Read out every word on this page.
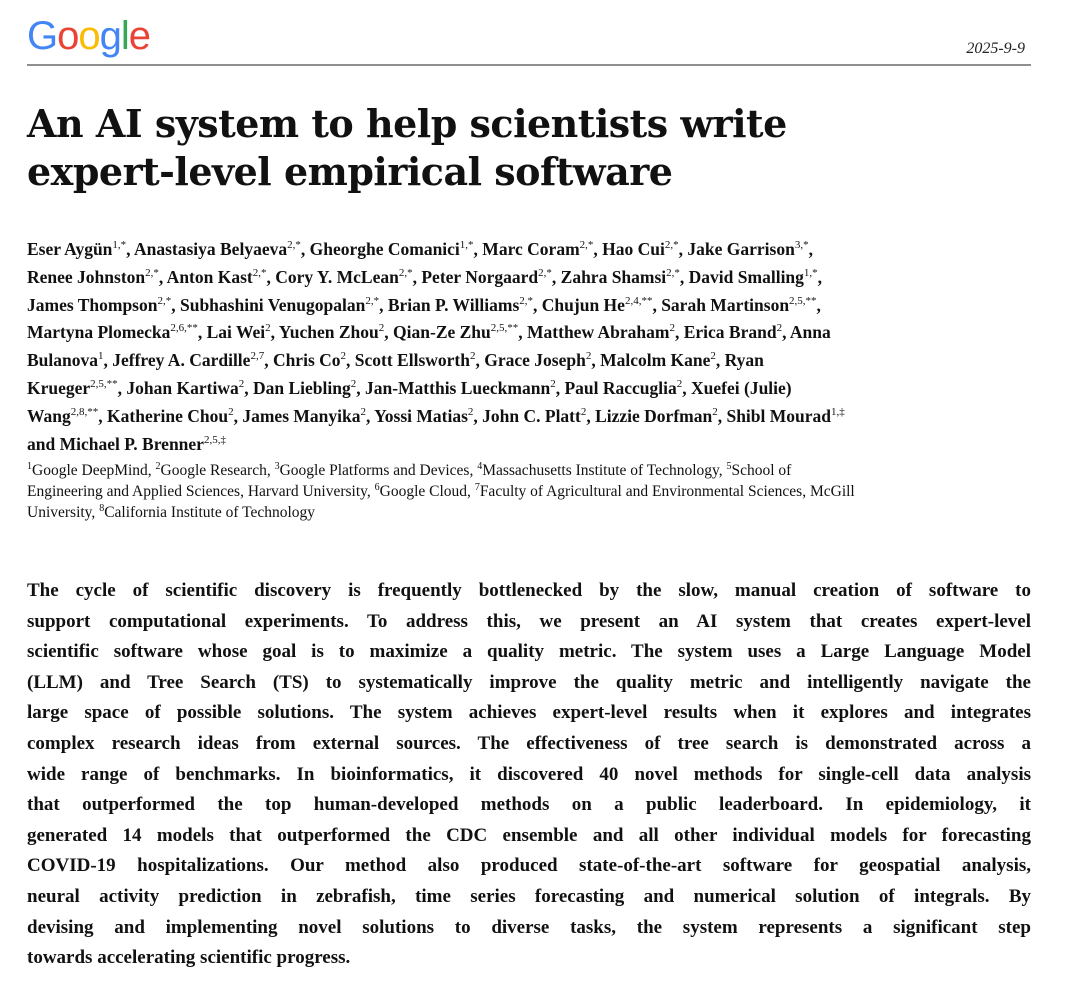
Google	2025-9-9
An AI system to help scientists write
expert-level empirical software
Eser Aygün$^{1,*}$, Anastasiya Belyaeva$^{2,*}$, Gheorghe Comanici$^{1,*}$, Marc Coram$^{2,*}$, Hao Cui$^{2,*}$, Jake Garrison$^{3,*}$,
Renee Johnston$^{2,*}$, Anton Kast$^{2,*}$, Cory Y. McLean$^{2,*}$, Peter Norgaard$^{2,*}$, Zahra Shamsi$^{2,*}$, David Smalling$^{1,*}$,
James Thompson$^{2,*}$, Subhashini Venugopalan$^{2,*}$, Brian P. Williams$^{2,*}$, Chujun $He^{2,4,**}$, Sarah Martinson$^{2,5,**}$,
Martyna Plomecka$^{2,6,**}$, Lai Wei$^2$, Yuchen Zhou$^2$, Qian-Ze Zhu$^{2,5,**}$, Matthew Abraham$^2$, Erica Brand$^2$, Anna
Bulanova$^1$, Jeffrey A. Cardille$^{2,7}$, Chris Co$^2$, Scott Ellsworth$^2$, Grace Joseph$^2$, Malcolm Kane$^2$, Ryan
Krueger$^{2,5,**}$, Johan Kartiwa$^2$, Dan Liebling$^2$, Jan-Matthis Lueckmann$^2$, Paul Raccuglia$^2$, Xuefei (Julie)
Wang$^{2,8,**}$, Katherine Chou$^2$, James Manyika$^2$, Yossi Matias$^2$, John C. Platt$^2$, Lizzie Dorfman$^2$, Shibl Mourad$^{1,\ddagger}$
and Michael P. Brenner$^{2,5,\ddagger}$
$^1$Google DeepMind, $^2$Google Research, $^3$Google Platforms and Devices, $^4$Massachusetts Institute of Technology, $^5$School of
Engineering and Applied Sciences, Harvard University, $^6$Google Cloud, $^7$Faculty of Agricultural and Environmental Sciences, McGill
University, $^8$California Institute of Technology
The cycle of scientific discovery is frequently bottlenecked by the slow, manual creation of software to
support computational experiments. To address this, we present an AI system that creates expert-level
scientific software whose goal is to maximize a quality metric. The system uses a Large Language Model
(LLM) and Tree Search (TS) to systematically improve the quality metric and intelligently navigate the
large space of possible solutions. The system achieves expert-level results when it explores and integrates
complex research ideas from external sources. The effectiveness of tree search is demonstrated across a
wide range of benchmarks. In bioinformatics, it discovered 40 novel methods for single-cell data analysis
that outperformed the top human-developed methods on a public leaderboard. In epidemiology, it
generated 14 models that outperformed the CDC ensemble and all other individual models for forecasting
COVID-19 hospitalizations. Our method also produced state-of-the-art software for geospatial analysis,
neural activity prediction in zebrafish, time series forecasting and numerical solution of integrals. By
devising and implementing novel solutions to diverse tasks, the system represents a significant step
towards accelerating scientific progress.
